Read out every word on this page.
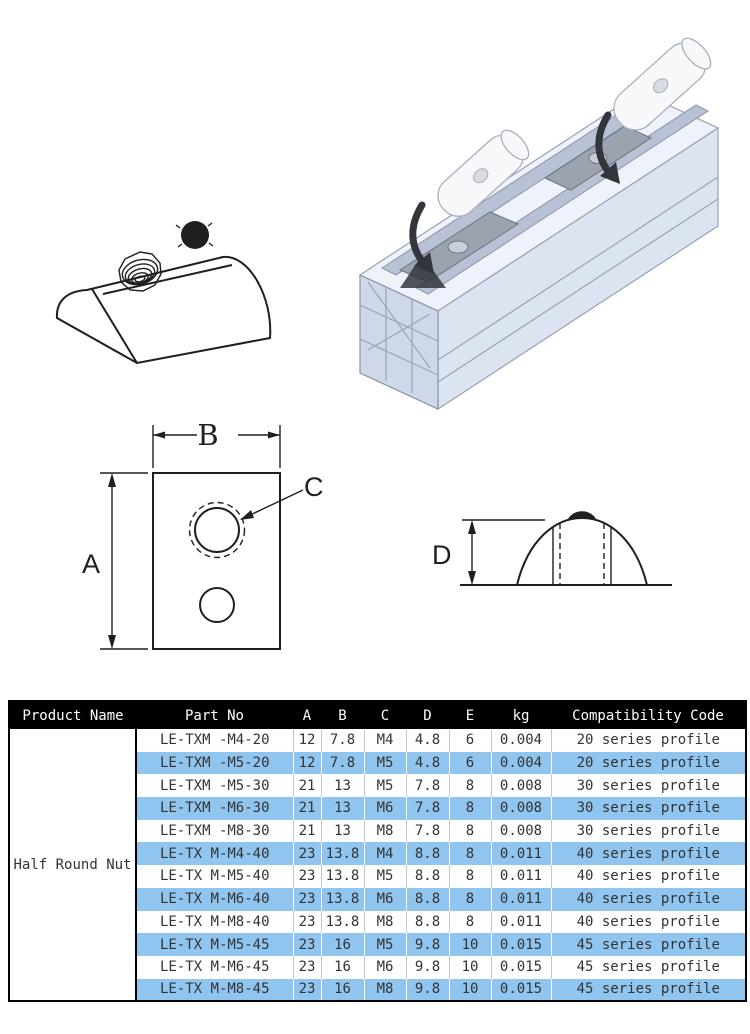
B
A
C
D
Product Name	Part No	A	B	C	D	E	kg	Compatibility Code
Half Round Nut	LE-TXM -M4-20	12	7.8	M4	4.8	6	0.004	20 series profile
	LE-TXM -M5-20	12	7.8	M5	4.8	6	0.004	20 series profile
	LE-TXM -M5-30	21	13	M5	7.8	8	0.008	30 series profile
	LE-TXM -M6-30	21	13	M6	7.8	8	0.008	30 series profile
	LE-TXM -M8-30	21	13	M8	7.8	8	0.008	30 series profile
	LE-TX M-M4-40	23	13.8	M4	8.8	8	0.011	40 series profile
	LE-TX M-M5-40	23	13.8	M5	8.8	8	0.011	40 series profile
	LE-TX M-M6-40	23	13.8	M6	8.8	8	0.011	40 series profile
	LE-TX M-M8-40	23	13.8	M8	8.8	8	0.011	40 series profile
	LE-TX M-M5-45	23	16	M5	9.8	10	0.015	45 series profile
	LE-TX M-M6-45	23	16	M6	9.8	10	0.015	45 series profile
	LE-TX M-M8-45	23	16	M8	9.8	10	0.015	45 series profile
